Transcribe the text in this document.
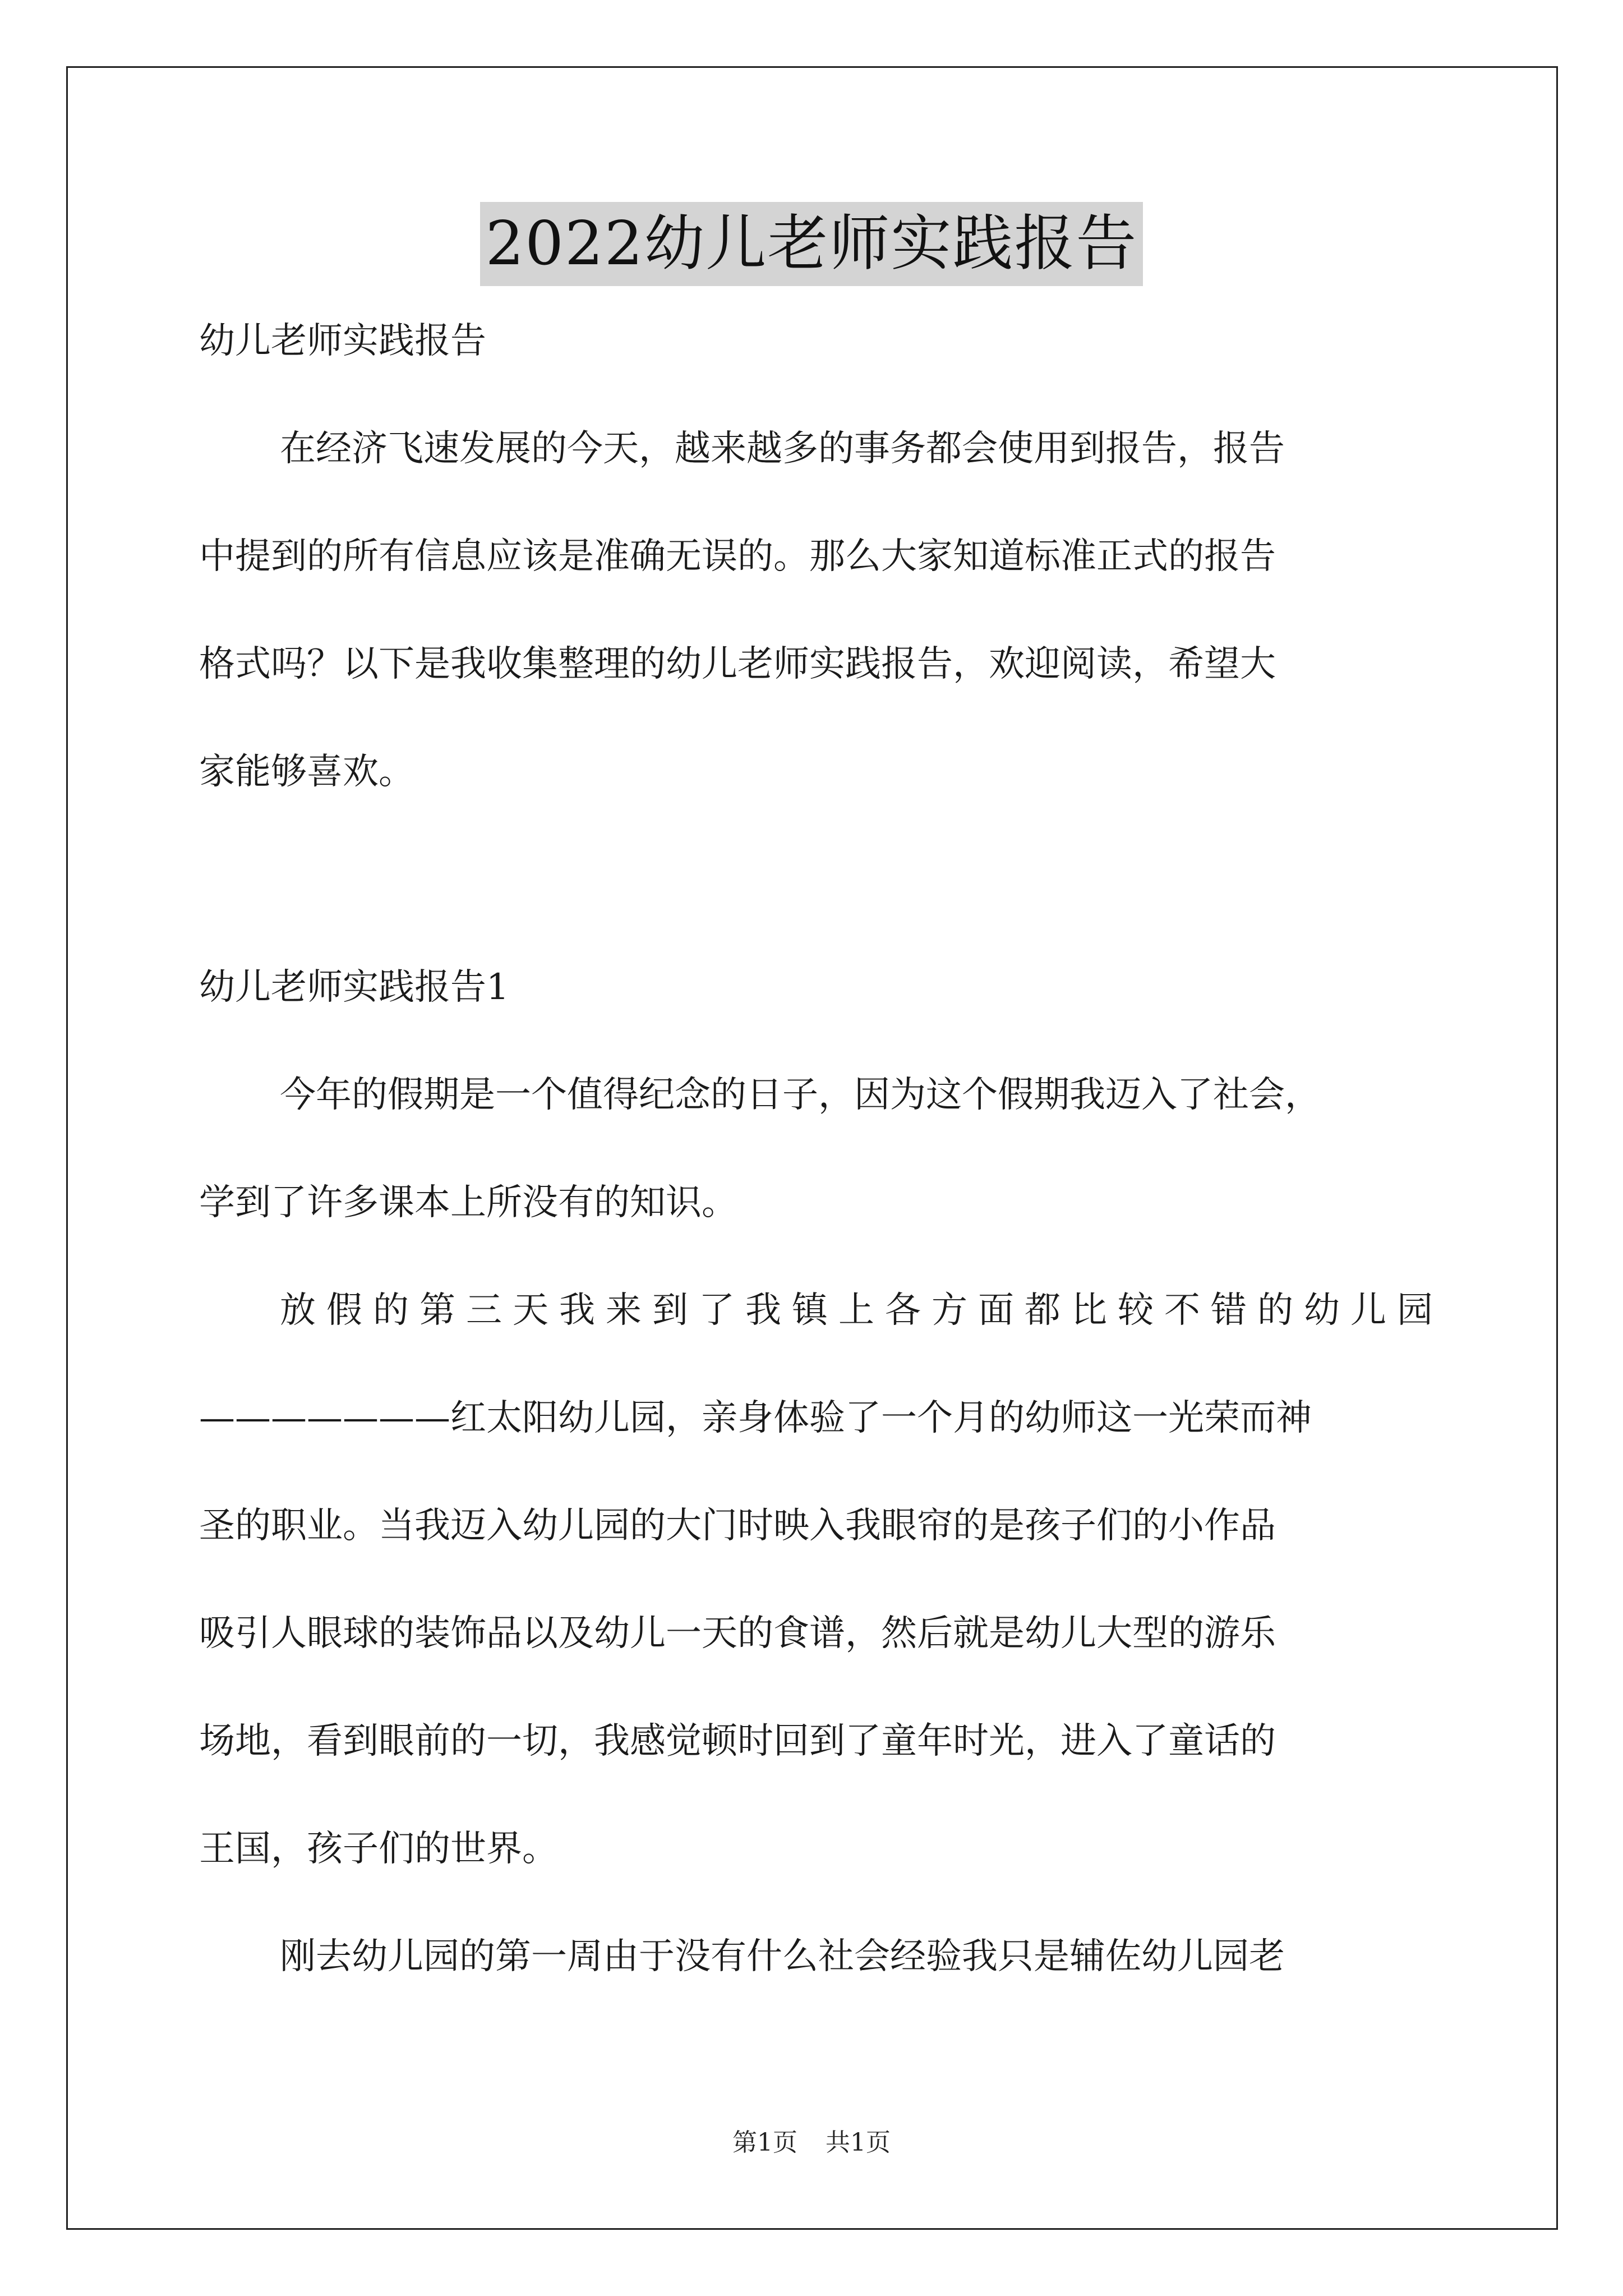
2022幼儿老师实践报告

幼儿老师实践报告

在经济飞速发展的今天，越来越多的事务都会使用到报告，报告

中提到的所有信息应该是准确无误的。那么大家知道标准正式的报告

格式吗？以下是我收集整理的幼儿老师实践报告，欢迎阅读，希望大

家能够喜欢。

幼儿老师实践报告1

今年的假期是一个值得纪念的日子，因为这个假期我迈入了社会，

学到了许多课本上所没有的知识。

放假的第三天我来到了我镇上各方面都比较不错的幼儿园

———————红太阳幼儿园，亲身体验了一个月的幼师这一光荣而神

圣的职业。当我迈入幼儿园的大门时映入我眼帘的是孩子们的小作品

吸引人眼球的装饰品以及幼儿一天的食谱，然后就是幼儿大型的游乐

场地，看到眼前的一切，我感觉顿时回到了童年时光，进入了童话的

王国，孩子们的世界。

刚去幼儿园的第一周由于没有什么社会经验我只是辅佐幼儿园老

第1页 共1页
